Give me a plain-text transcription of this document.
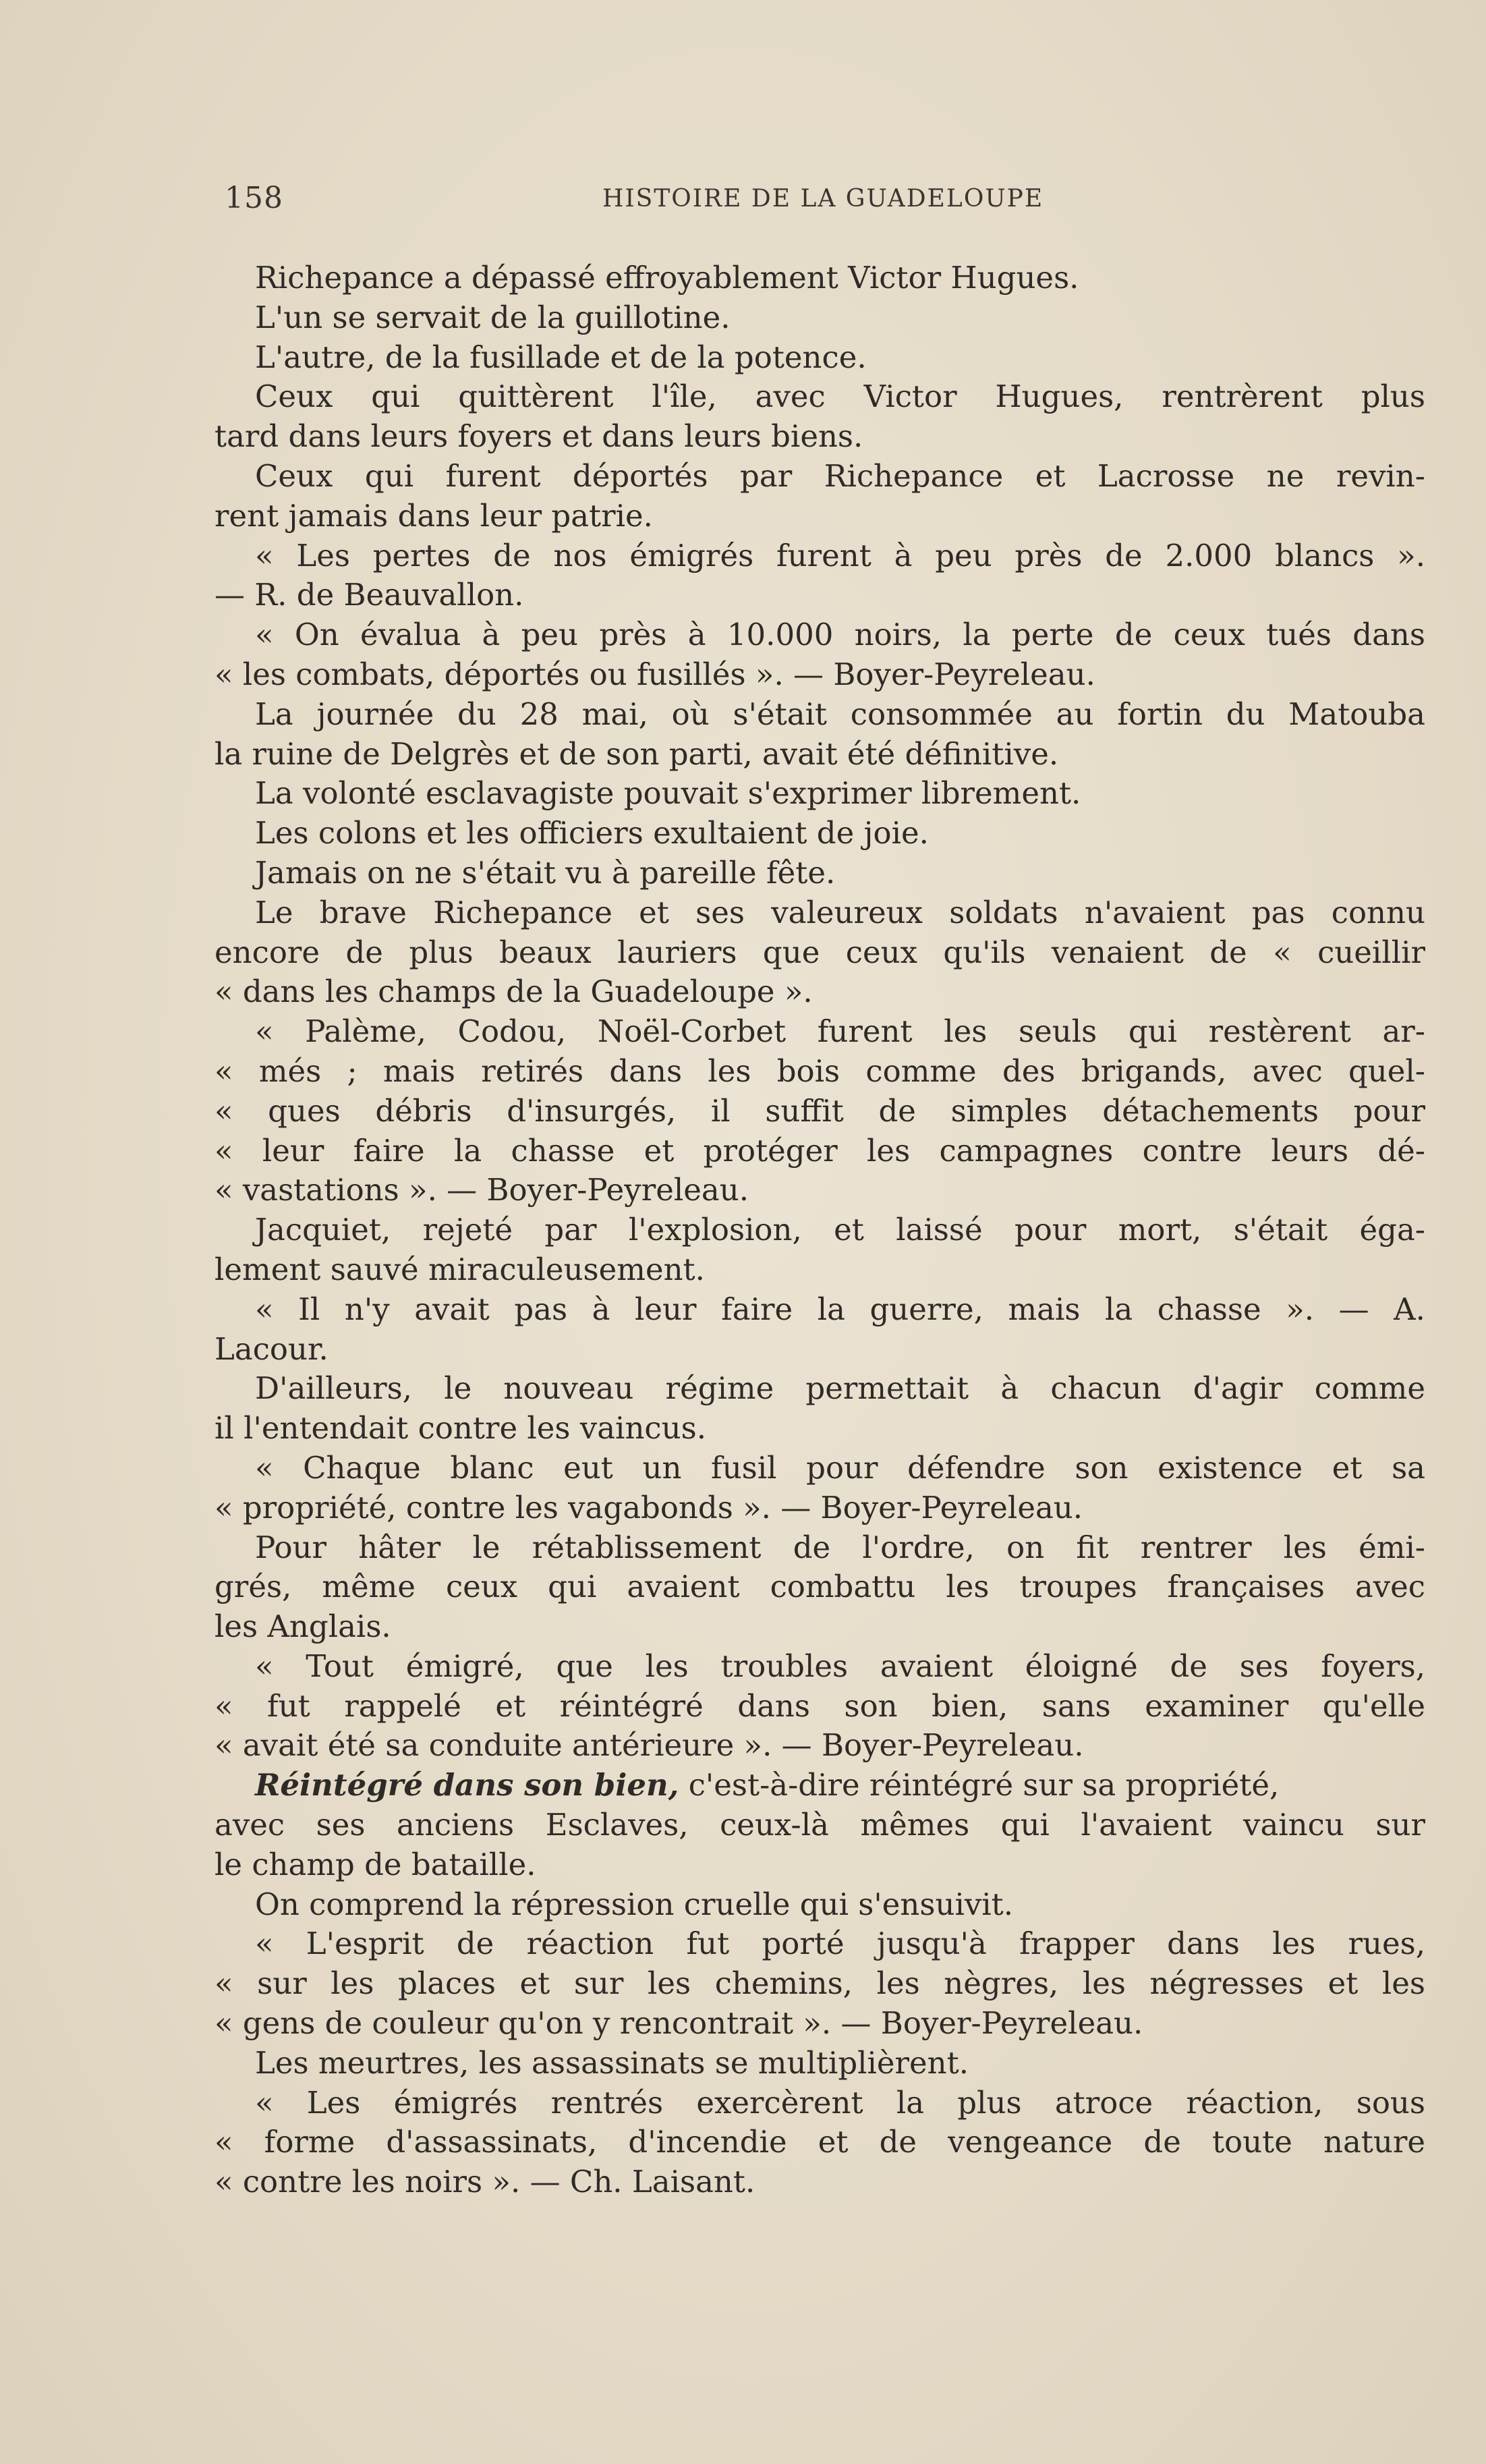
158	HISTOIRE DE LA GUADELOUPE
Richepance a dépassé effroyablement Victor Hugues.
L'un se servait de la guillotine.
L'autre, de la fusillade et de la potence.
Ceux qui quittèrent l'île, avec Victor Hugues, rentrèrent plus
tard dans leurs foyers et dans leurs biens.
Ceux qui furent déportés par Richepance et Lacrosse ne revin-
rent jamais dans leur patrie.
« Les pertes de nos émigrés furent à peu près de 2.000 blancs ».
— R. de Beauvallon.
« On évalua à peu près à 10.000 noirs, la perte de ceux tués dans
« les combats, déportés ou fusillés ». — Boyer-Peyreleau.
La journée du 28 mai, où s'était consommée au fortin du Matouba
la ruine de Delgrès et de son parti, avait été définitive.
La volonté esclavagiste pouvait s'exprimer librement.
Les colons et les officiers exultaient de joie.
Jamais on ne s'était vu à pareille fête.
Le brave Richepance et ses valeureux soldats n'avaient pas connu
encore de plus beaux lauriers que ceux qu'ils venaient de « cueillir
« dans les champs de la Guadeloupe ».
« Palème, Codou, Noël-Corbet furent les seuls qui restèrent ar-
« més ; mais retirés dans les bois comme des brigands, avec quel-
« ques débris d'insurgés, il suffit de simples détachements pour
« leur faire la chasse et protéger les campagnes contre leurs dé-
« vastations ». — Boyer-Peyreleau.
Jacquiet, rejeté par l'explosion, et laissé pour mort, s'était éga-
lement sauvé miraculeusement.
« Il n'y avait pas à leur faire la guerre, mais la chasse ». — A.
Lacour.
D'ailleurs, le nouveau régime permettait à chacun d'agir comme
il l'entendait contre les vaincus.
« Chaque blanc eut un fusil pour défendre son existence et sa
« propriété, contre les vagabonds ». — Boyer-Peyreleau.
Pour hâter le rétablissement de l'ordre, on fit rentrer les émi-
grés, même ceux qui avaient combattu les troupes françaises avec
les Anglais.
« Tout émigré, que les troubles avaient éloigné de ses foyers,
« fut rappelé et réintégré dans son bien, sans examiner qu'elle
« avait été sa conduite antérieure ». — Boyer-Peyreleau.
Réintégré dans son bien, c'est-à-dire réintégré sur sa propriété,
avec ses anciens Esclaves, ceux-là mêmes qui l'avaient vaincu sur
le champ de bataille.
On comprend la répression cruelle qui s'ensuivit.
« L'esprit de réaction fut porté jusqu'à frapper dans les rues,
« sur les places et sur les chemins, les nègres, les négresses et les
« gens de couleur qu'on y rencontrait ». — Boyer-Peyreleau.
Les meurtres, les assassinats se multiplièrent.
« Les émigrés rentrés exercèrent la plus atroce réaction, sous
« forme d'assassinats, d'incendie et de vengeance de toute nature
« contre les noirs ». — Ch. Laisant.
